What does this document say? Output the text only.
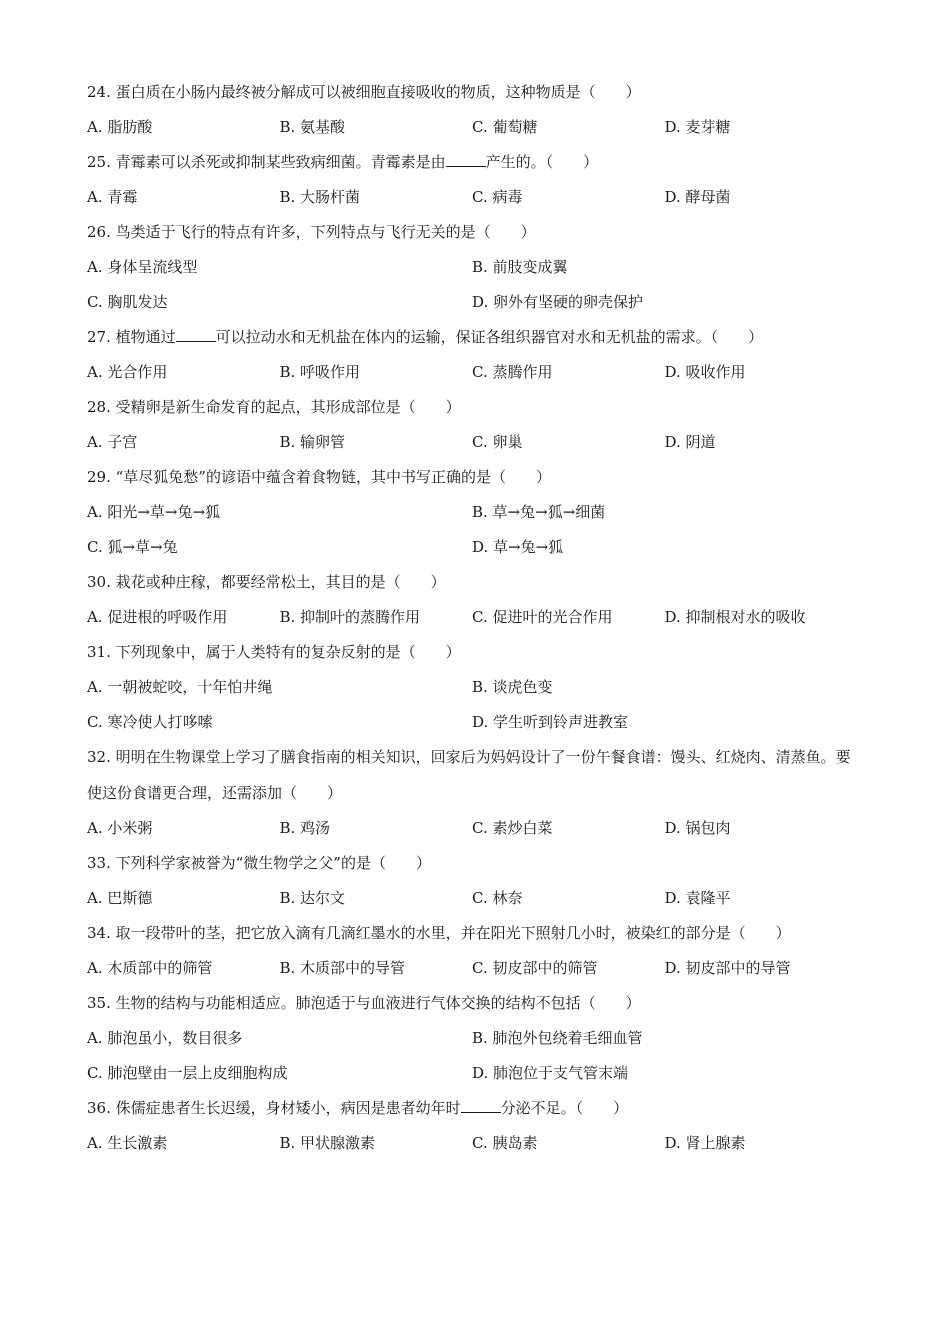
24. 蛋白质在小肠内最终被分解成可以被细胞直接吸收的物质，这种物质是（　　）
A. 脂肪酸	B. 氨基酸	C. 葡萄糖	D. 麦芽糖
25. 青霉素可以杀死或抑制某些致病细菌。青霉素是由	产生的。（　　）
A. 青霉	B. 大肠杆菌	C. 病毒	D. 酵母菌
26. 鸟类适于飞行的特点有许多，下列特点与飞行无关的是（　　）
A. 身体呈流线型	B. 前肢变成翼
C. 胸肌发达	D. 卵外有坚硬的卵壳保护
27. 植物通过	可以拉动水和无机盐在体内的运输，保证各组织器官对水和无机盐的需求。（　　）
A. 光合作用	B. 呼吸作用	C. 蒸腾作用	D. 吸收作用
28. 受精卵是新生命发育的起点，其形成部位是（　　）
A. 子宫	B. 输卵管	C. 卵巢	D. 阴道
29. “草尽狐兔愁”的谚语中蕴含着食物链，其中书写正确的是（　　）
A. 阳光→草→兔→狐	B. 草→兔→狐→细菌
C. 狐→草→兔	D. 草→兔→狐
30. 栽花或种庄稼，都要经常松土，其目的是（　　）
A. 促进根的呼吸作用	B. 抑制叶的蒸腾作用	C. 促进叶的光合作用	D. 抑制根对水的吸收
31. 下列现象中，属于人类特有的复杂反射的是（　　）
A. 一朝被蛇咬，十年怕井绳	B. 谈虎色变
C. 寒冷使人打哆嗦	D. 学生听到铃声进教室
32. 明明在生物课堂上学习了膳食指南的相关知识，回家后为妈妈设计了一份午餐食谱：馒头、红烧肉、清蒸鱼。要使这份食谱更合理，还需添加（　　）
A. 小米粥	B. 鸡汤	C. 素炒白菜	D. 锅包肉
33. 下列科学家被誉为“微生物学之父”的是（　　）
A. 巴斯德	B. 达尔文	C. 林奈	D. 袁隆平
34. 取一段带叶的茎，把它放入滴有几滴红墨水的水里，并在阳光下照射几小时，被染红的部分是（　　）
A. 木质部中的筛管	B. 木质部中的导管	C. 韧皮部中的筛管	D. 韧皮部中的导管
35. 生物的结构与功能相适应。肺泡适于与血液进行气体交换的结构不包括（　　）
A. 肺泡虽小，数目很多	B. 肺泡外包绕着毛细血管
C. 肺泡壁由一层上皮细胞构成	D. 肺泡位于支气管末端
36. 侏儒症患者生长迟缓，身材矮小，病因是患者幼年时	分泌不足。（　　）
A. 生长激素	B. 甲状腺激素	C. 胰岛素	D. 肾上腺素
